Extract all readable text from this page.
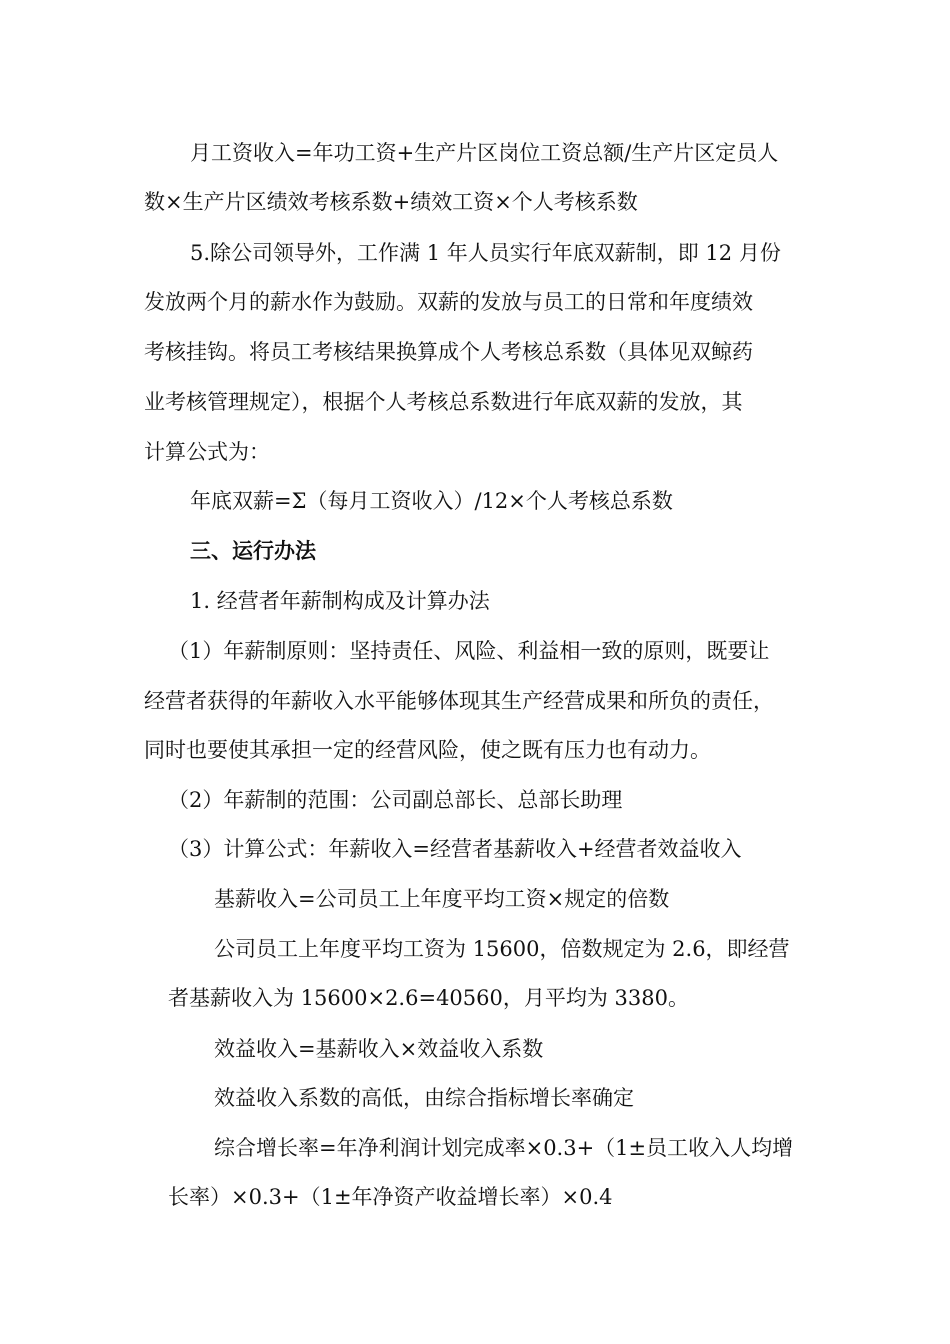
月工资收入=年功工资+生产片区岗位工资总额/生产片区定员人

数×生产片区绩效考核系数+绩效工资×个人考核系数

5.除公司领导外，工作满 1 年人员实行年底双薪制，即 12 月份

发放两个月的薪水作为鼓励。双薪的发放与员工的日常和年度绩效

考核挂钩。将员工考核结果换算成个人考核总系数（具体见双鲸药

业考核管理规定），根据个人考核总系数进行年底双薪的发放，其

计算公式为：

年底双薪=Σ（每月工资收入）/12×个人考核总系数

三、运行办法

1. 经营者年薪制构成及计算办法

（1）年薪制原则：坚持责任、风险、利益相一致的原则，既要让

经营者获得的年薪收入水平能够体现其生产经营成果和所负的责任，

同时也要使其承担一定的经营风险，使之既有压力也有动力。

（2）年薪制的范围：公司副总部长、总部长助理

（3）计算公式：年薪收入=经营者基薪收入+经营者效益收入

基薪收入=公司员工上年度平均工资×规定的倍数

公司员工上年度平均工资为 15600，倍数规定为 2.6，即经营

者基薪收入为 15600×2.6=40560，月平均为 3380。

效益收入=基薪收入×效益收入系数

效益收入系数的高低，由综合指标增长率确定

综合增长率=年净利润计划完成率×0.3+（1±员工收入人均增

长率）×0.3+（1±年净资产收益增长率）×0.4
